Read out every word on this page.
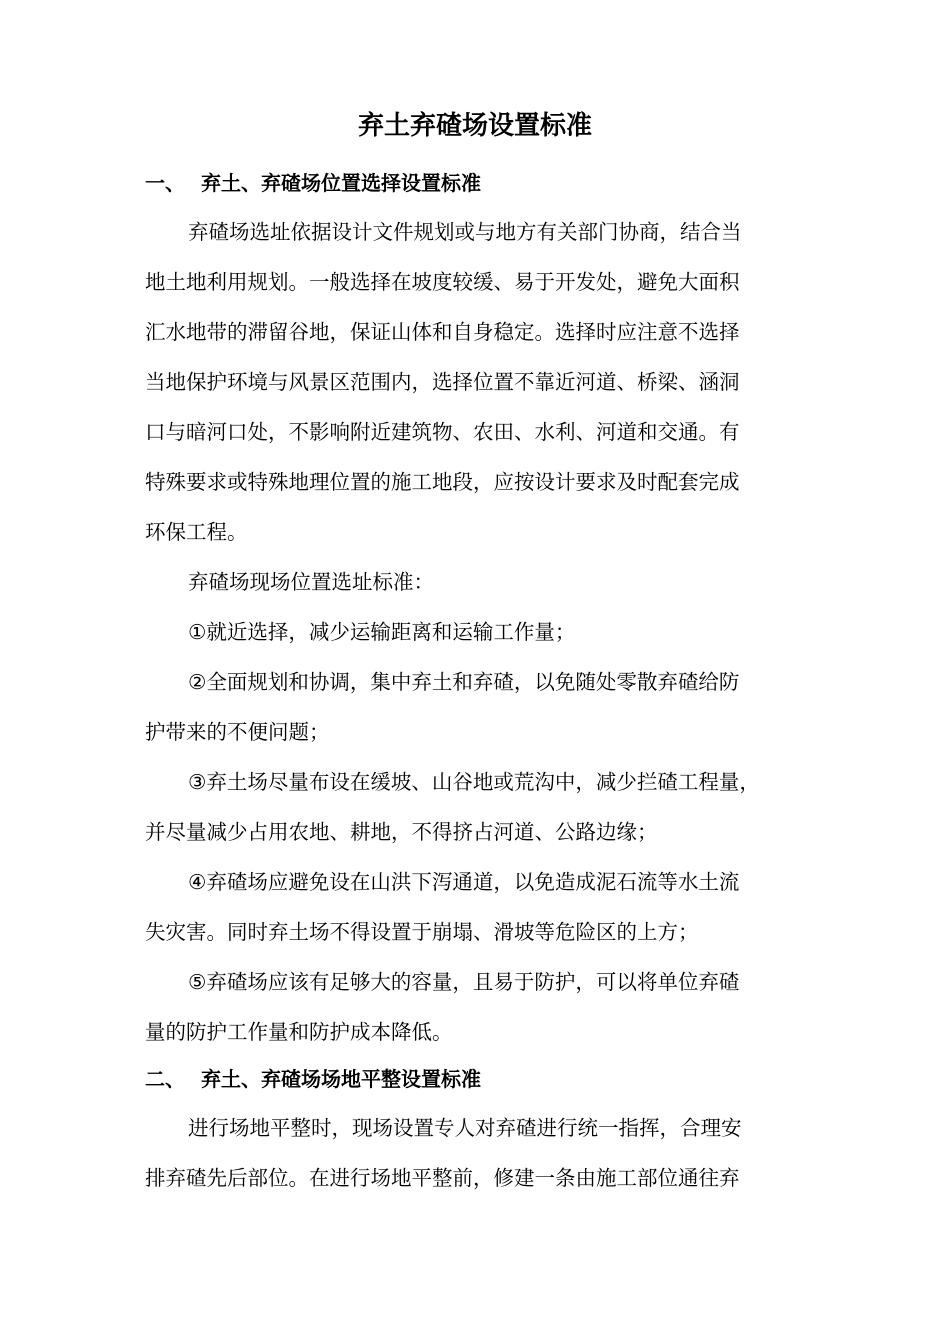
弃土弃碴场设置标准
一、 弃土、弃碴场位置选择设置标准
弃碴场选址依据设计文件规划或与地方有关部门协商，结合当
地土地利用规划。一般选择在坡度较缓、易于开发处，避免大面积
汇水地带的滞留谷地，保证山体和自身稳定。选择时应注意不选择
当地保护环境与风景区范围内，选择位置不靠近河道、桥梁、涵洞
口与暗河口处，不影响附近建筑物、农田、水利、河道和交通。有
特殊要求或特殊地理位置的施工地段，应按设计要求及时配套完成
环保工程。
弃碴场现场位置选址标准：
①就近选择，减少运输距离和运输工作量；
②全面规划和协调，集中弃土和弃碴，以免随处零散弃碴给防
护带来的不便问题；
③弃土场尽量布设在缓坡、山谷地或荒沟中，减少拦碴工程量，
并尽量减少占用农地、耕地，不得挤占河道、公路边缘；
④弃碴场应避免设在山洪下泻通道，以免造成泥石流等水土流
失灾害。同时弃土场不得设置于崩塌、滑坡等危险区的上方；
⑤弃碴场应该有足够大的容量，且易于防护，可以将单位弃碴
量的防护工作量和防护成本降低。
二、 弃土、弃碴场场地平整设置标准
进行场地平整时，现场设置专人对弃碴进行统一指挥，合理安
排弃碴先后部位。在进行场地平整前，修建一条由施工部位通往弃
